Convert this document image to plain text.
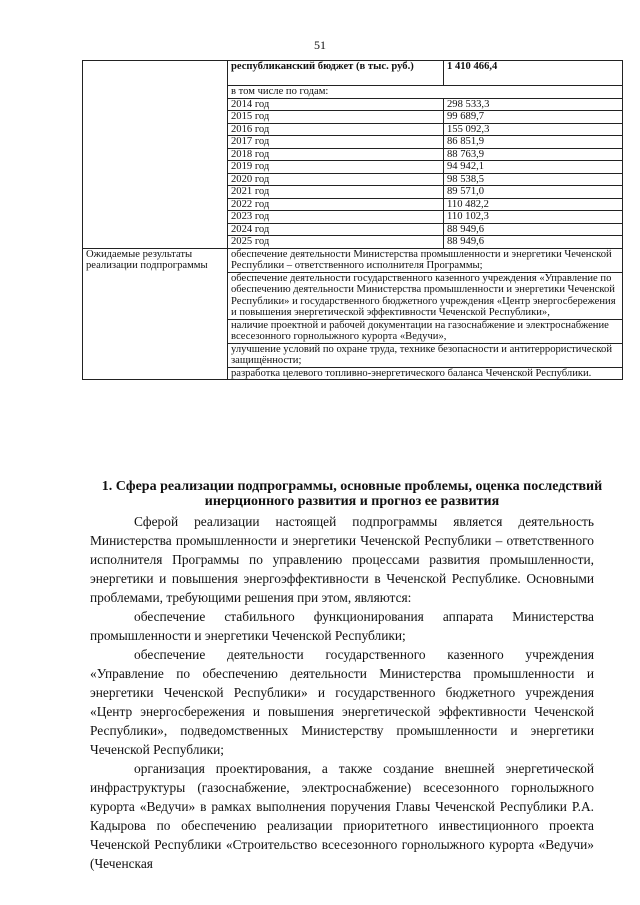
51
	республиканский бюджет (в тыс. руб.)	1 410 466,4
	в том числе по годам:	
	2014 год	298 533,3
	2015 год	99 689,7
	2016 год	155 092,3
	2017 год	86 851,9
	2018 год	88 763,9
	2019 год	94 942,1
	2020 год	98 538,5
	2021 год	89 571,0
	2022 год	110 482,2
	2023 год	110 102,3
	2024 год	88 949,6
	2025 год	88 949,6
Ожидаемые результаты реализации подпрограммы	обеспечение деятельности Министерства промышленности и энергетики Чеченской Республики – ответственного исполнителя Программы;	
	обеспечение деятельности государственного казенного учреждения «Управление по обеспечению деятельности Министерства промышленности и энергетики Чеченской Республики» и государственного бюджетного учреждения «Центр энергосбережения и повышения энергетической эффективности Чеченской Республики»,	
	наличие проектной и рабочей документации на газоснабжение и электроснабжение всесезонного горнолыжного курорта «Ведучи»,	
	улучшение условий по охране труда, технике безопасности и антитеррористической защищённости;	
	разработка целевого топливно-энергетического баланса Чеченской Республики.	
1. Сфера реализации подпрограммы, основные проблемы, оценка последствий инерционного развития и прогноз ее развития

Сферой реализации настоящей подпрограммы является деятельность Министерства промышленности и энергетики Чеченской Республики – ответственного исполнителя Программы по управлению процессами развития промышленности, энергетики и повышения энергоэффективности в Чеченской Республике. Основными проблемами, требующими решения при этом, являются:

обеспечение стабильного функционирования аппарата Министерства промышленности и энергетики Чеченской Республики;

обеспечение деятельности государственного казенного учреждения «Управление по обеспечению деятельности Министерства промышленности и энергетики Чеченской Республики» и государственного бюджетного учреждения «Центр энергосбережения и повышения энергетической эффективности Чеченской Республики», подведомственных Министерству промышленности и энергетики Чеченской Республики;

организация проектирования, а также создание внешней энергетической инфраструктуры (газоснабжение, электроснабжение) всесезонного горнолыжного курорта «Ведучи» в рамках выполнения поручения Главы Чеченской Республики Р.А. Кадырова по обеспечению реализации приоритетного инвестиционного проекта Чеченской Республики «Строительство всесезонного горнолыжного курорта «Ведучи» (Чеченская
